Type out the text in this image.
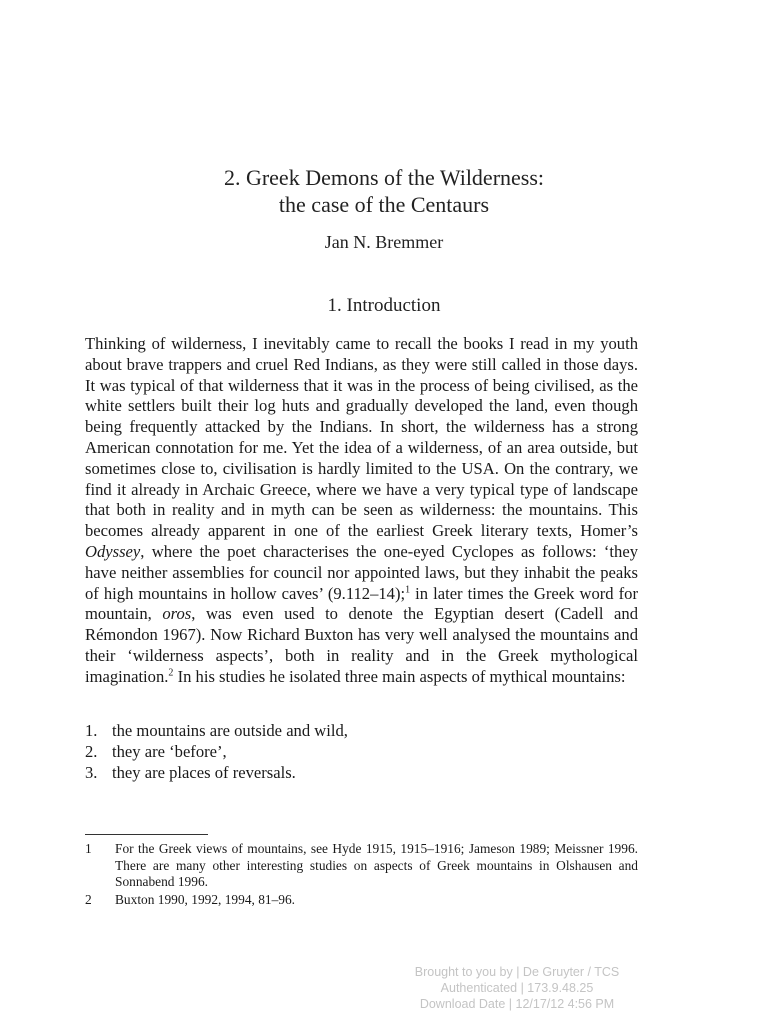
2. Greek Demons of the Wilderness:
the case of the Centaurs
Jan N. Bremmer
1. Introduction

Thinking of wilderness, I inevitably came to recall the books I read in my youth about brave trappers and cruel Red Indians, as they were still called in those days. It was typical of that wilderness that it was in the process of being civilised, as the white settlers built their log huts and gradually developed the land, even though being frequently attacked by the Indians. In short, the wilderness has a strong American connotation for me. Yet the idea of a wilderness, of an area outside, but sometimes close to, civilisation is hardly limited to the USA. On the contrary, we find it already in Archaic Greece, where we have a very typical type of landscape that both in reality and in myth can be seen as wilderness: the mountains. This becomes already apparent in one of the earliest Greek literary texts, Homer’s Odyssey, where the poet characterises the one-eyed Cyclopes as follows: ‘they have neither assemblies for council nor appointed laws, but they inhabit the peaks of high mountains in hollow caves’ (9.112–14);$^1$ in later times the Greek word for mountain, oros, was even used to denote the Egyptian desert (Cadell and Rémondon 1967). Now Richard Buxton has very well analysed the mountains and their ‘wilderness aspects’, both in reality and in the Greek mythological imagination.$^2$ In his studies he isolated three main aspects of mythical mountains:

1. the mountains are outside and wild,
2. they are ‘before’,
3. they are places of reversals.
1	For the Greek views of mountains, see Hyde 1915, 1915–1916; Jameson 1989; Meissner 1996. There are many other interesting studies on aspects of Greek mountains in Olshausen and Sonnabend 1996.
2	Buxton 1990, 1992, 1994, 81–96.
Brought to you by | De Gruyter / TCS
Authenticated | 173.9.48.25
Download Date | 12/17/12 4:56 PM
